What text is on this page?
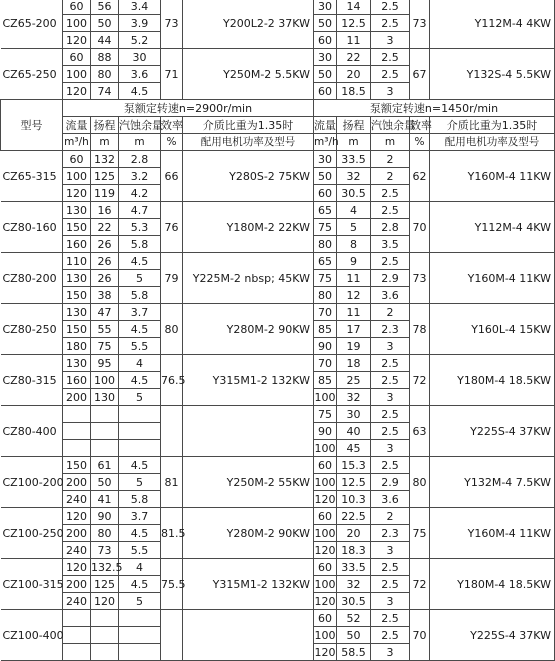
CZ65-200	60	56	3.4	73	Y200L2-2 37KW	30	14	2.5	73	Y112M-4 4KW
	100	50	3.9			50	12.5	2.5		
	120	44	5.2			60	11	3		
CZ65-250	60	88	30	71	Y250M-2 5.5KW	30	22	2.5	67	Y132S-4 5.5KW
	100	80	3.6			50	20	2.5		
	120	74	4.5			60	18.5	3		
型号	泵额定转速n=2900r/min					泵额定转速n=1450r/min				
	流量	扬程	汽蚀余量	效率	介质比重为1.35时	流量	扬程	汽蚀余量	效率	介质比重为1.35时
	m³/h	m	m	%	配用电机功率及型号	m³/h	m	m	%	配用电机功率及型号
CZ65-315	60	132	2.8	66	Y280S-2 75KW	30	33.5	2	62	Y160M-4 11KW
	100	125	3.2			50	32	2		
	120	119	4.2			60	30.5	2.5		
CZ80-160	130	16	4.7	76	Y180M-2 22KW	65	4	2.5	70	Y112M-4 4KW
	150	22	5.3			75	5	2.8		
	160	26	5.8			80	8	3.5		
CZ80-200	110	26	4.5	79	Y225M-2 nbsp; 45KW	65	9	2.5	73	Y160M-4 11KW
	130	26	5			75	11	2.9		
	150	38	5.8			80	12	3.6		
CZ80-250	130	47	3.7	80	Y280M-2 90KW	70	11	2	78	Y160L-4 15KW
	150	55	4.5			85	17	2.3		
	180	75	5.5			90	19	3		
CZ80-315	130	95	4	76.5	Y315M1-2 132KW	70	18	2.5	72	Y180M-4 18.5KW
	160	100	4.5			85	25	2.5		
	200	130	5			100	32	3		
CZ80-400						75	30	2.5	63	Y225S-4 37KW
						90	40	2.5		
						100	45	3		
CZ100-200	150	61	4.5	81	Y250M-2 55KW	60	15.3	2.5	80	Y132M-4 7.5KW
	200	50	5			100	12.5	2.9		
	240	41	5.8			120	10.3	3.6		
CZ100-250	120	90	3.7	81.5	Y280M-2 90KW	60	22.5	2	75	Y160M-4 11KW
	200	80	4.5			100	20	2.3		
	240	73	5.5			120	18.3	3		
CZ100-315	120	132.5	4	75.5	Y315M1-2 132KW	60	33.5	2.5	72	Y180M-4 18.5KW
	200	125	4.5			100	32	2.5		
	240	120	5			120	30.5	3		
CZ100-400						60	52	2.5	70	Y225S-4 37KW
						100	50	2.5		
						120	58.5	3		
